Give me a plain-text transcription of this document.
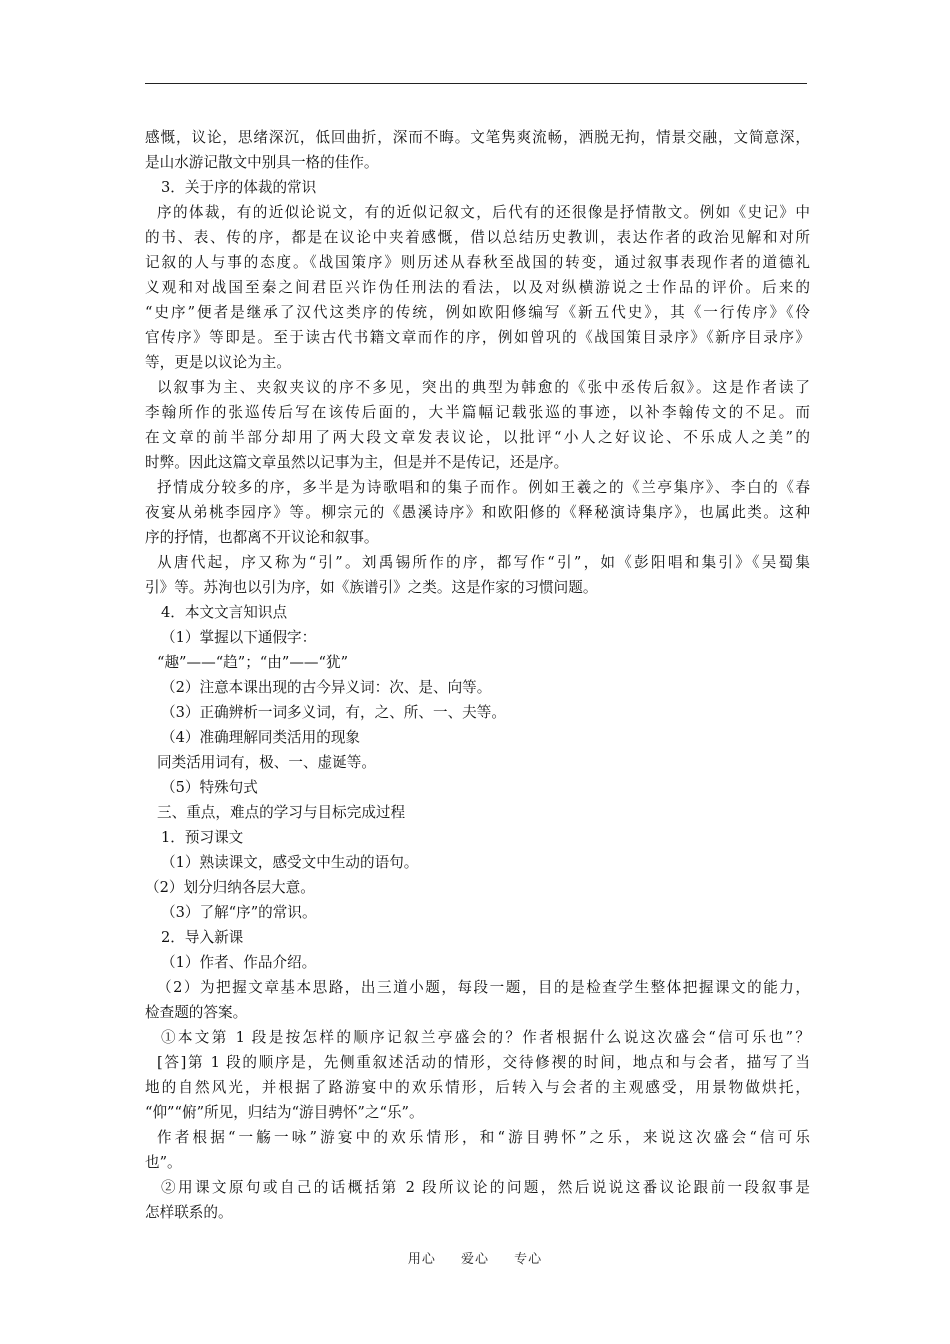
感慨，议论，思绪深沉，低回曲折，深而不晦。文笔隽爽流畅，洒脱无拘，情景交融，文简意深，
是山水游记散文中别具一格的佳作。
3．关于序的体裁的常识
序的体裁，有的近似论说文，有的近似记叙文，后代有的还很像是抒情散文。例如《史记》中
的书、表、传的序，都是在议论中夹着感慨，借以总结历史教训，表达作者的政治见解和对所
记叙的人与事的态度。《战国策序》则历述从春秋至战国的转变，通过叙事表现作者的道德礼
义观和对战国至秦之间君臣兴诈伪任刑法的看法，以及对纵横游说之士作品的评价。后来的
“史序”便者是继承了汉代这类序的传统，例如欧阳修编写《新五代史》，其《一行传序》《伶
官传序》等即是。至于读古代书籍文章而作的序，例如曾巩的《战国策目录序》《新序目录序》
等，更是以议论为主。
以叙事为主、夹叙夹议的序不多见，突出的典型为韩愈的《张中丞传后叙》。这是作者读了
李翰所作的张巡传后写在该传后面的，大半篇幅记载张巡的事迹，以补李翰传文的不足。而
在文章的前半部分却用了两大段文章发表议论，以批评“小人之好议论、不乐成人之美”的
时弊。因此这篇文章虽然以记事为主，但是并不是传记，还是序。
抒情成分较多的序，多半是为诗歌唱和的集子而作。例如王羲之的《兰亭集序》、李白的《春
夜宴从弟桃李园序》等。柳宗元的《愚溪诗序》和欧阳修的《释秘演诗集序》，也属此类。这种
序的抒情，也都离不开议论和叙事。
从唐代起，序又称为“引”。刘禹锡所作的序，都写作“引”，如《彭阳唱和集引》《吴蜀集
引》等。苏洵也以引为序，如《族谱引》之类。这是作家的习惯问题。
4．本文文言知识点
（1）掌握以下通假字：
“趣”——“趋”；“由”——“犹”
（2）注意本课出现的古今异义词：次、是、向等。
（3）正确辨析一词多义词，有，之、所、一、夫等。
（4）准确理解同类活用的现象
同类活用词有，极、一、虚诞等。
（5）特殊句式
三、重点，难点的学习与目标完成过程
1．预习课文
（1）熟读课文，感受文中生动的语句。
（2）划分归纳各层大意。
（3）了解“序”的常识。
2．导入新课
（1）作者、作品介绍。
（2）为把握文章基本思路，出三道小题，每段一题，目的是检查学生整体把握课文的能力，
检查题的答案。
①本文第 1 段是按怎样的顺序记叙兰亭盛会的？作者根据什么说这次盛会“信可乐也”？
[答]第 1 段的顺序是，先侧重叙述活动的情形，交待修禊的时间，地点和与会者，描写了当
地的自然风光，并根据了路游宴中的欢乐情形，后转入与会者的主观感受，用景物做烘托，
“仰”“俯”所见，归结为“游目骋怀”之“乐”。
作者根据“一觞一咏”游宴中的欢乐情形，和“游目骋怀”之乐，来说这次盛会“信可乐
也”。
②用课文原句或自己的话概括第 2 段所议论的问题，然后说说这番议论跟前一段叙事是
怎样联系的。
用心 爱心 专心
